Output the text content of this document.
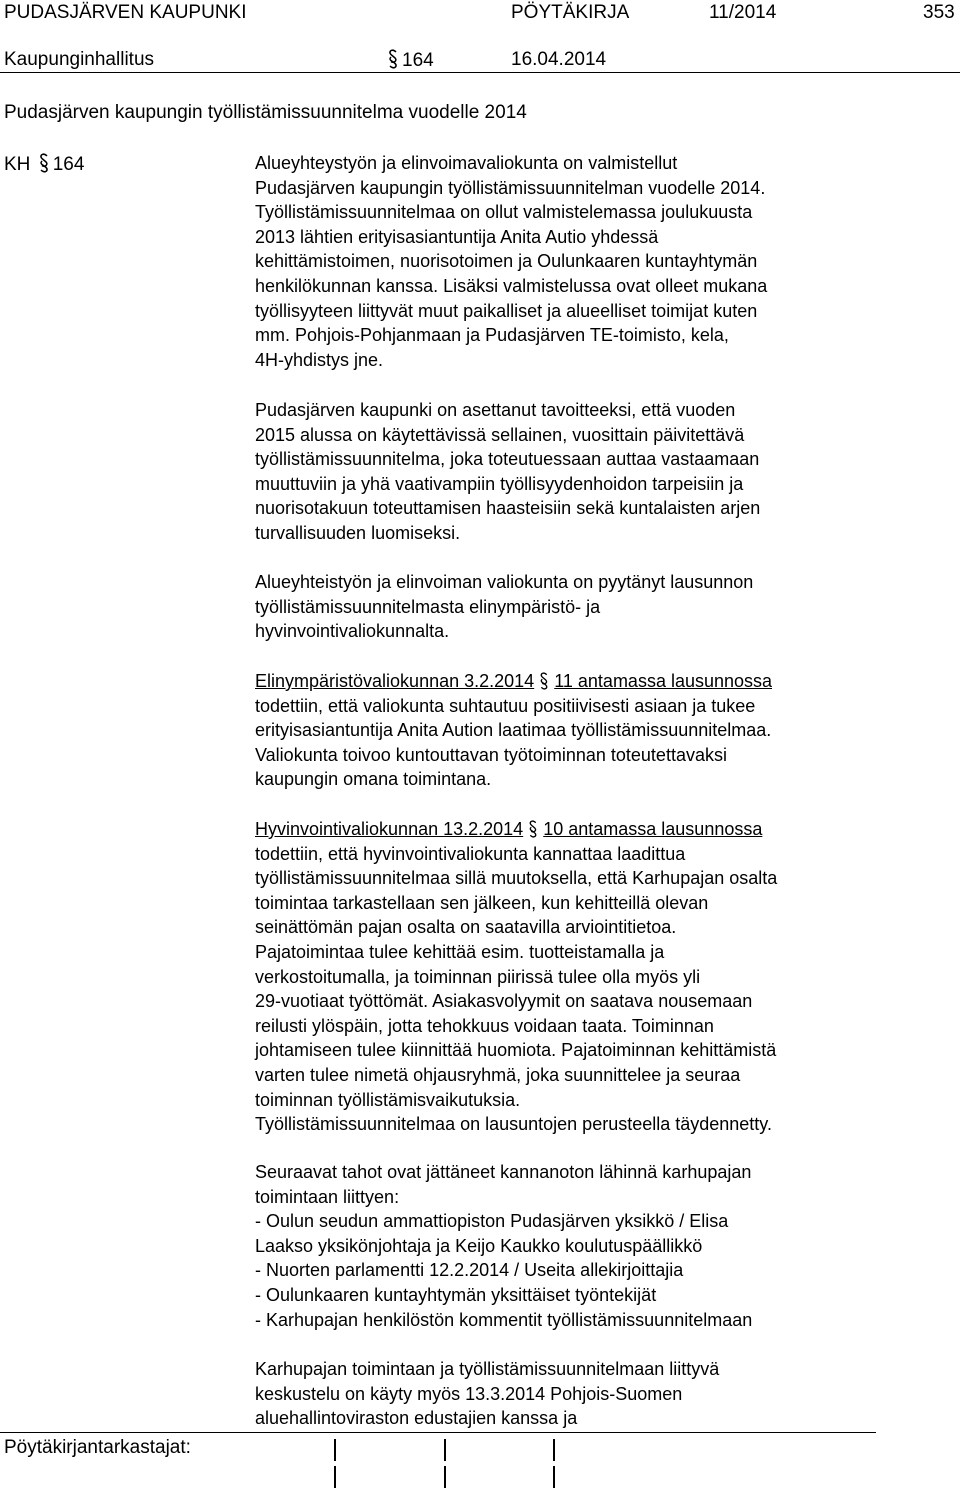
PUDASJÄRVEN KAUPUNKI	PÖYTÄKIRJA	11/2014	353
Kaupunginhallitus	164	16.04.2014
Pudasjärven kaupungin työllistämissuunnitelma vuodelle 2014
KH 164	Alueyhteystyön ja elinvoimavaliokunta on valmistellut
Pudasjärven kaupungin työllistämissuunnitelman vuodelle 2014.
Työllistämissuunnitelmaa on ollut valmistelemassa joulukuusta
2013 lähtien erityisasiantuntija Anita Autio yhdessä
kehittämistoimen, nuorisotoimen ja Oulunkaaren kuntayhtymän
henkilökunnan kanssa. Lisäksi valmistelussa ovat olleet mukana
työllisyyteen liittyvät muut paikalliset ja alueelliset toimijat kuten
mm. Pohjois-Pohjanmaan ja Pudasjärven TE-toimisto, kela,
4H-yhdistys jne.

Pudasjärven kaupunki on asettanut tavoitteeksi, että vuoden
2015 alussa on käytettävissä sellainen, vuosittain päivitettävä
työllistämissuunnitelma, joka toteutuessaan auttaa vastaamaan
muuttuviin ja yhä vaativampiin työllisyydenhoidon tarpeisiin ja
nuorisotakuun toteuttamisen haasteisiin sekä kuntalaisten arjen
turvallisuuden luomiseksi.

Alueyhteistyön ja elinvoiman valiokunta on pyytänyt lausunnon
työllistämissuunnitelmasta elinympäristö- ja
hyvinvointivaliokunnalta.

Elinympäristövaliokunnan 3.2.2014 11 antamassa lausunnossa
todettiin, että valiokunta suhtautuu positiivisesti asiaan ja tukee
erityisasiantuntija Anita Aution laatimaa työllistämissuunnitelmaa.
Valiokunta toivoo kuntouttavan työtoiminnan toteutettavaksi
kaupungin omana toimintana.

Hyvinvointivaliokunnan 13.2.2014 10 antamassa lausunnossa
todettiin, että hyvinvointivaliokunta kannattaa laadittua
työllistämissuunnitelmaa sillä muutoksella, että Karhupajan osalta
toimintaa tarkastellaan sen jälkeen, kun kehitteillä olevan
seinättömän pajan osalta on saatavilla arviointitietoa.
Pajatoimintaa tulee kehittää esim. tuotteistamalla ja
verkostoitumalla, ja toiminnan piirissä tulee olla myös yli
29-vuotiaat työttömät. Asiakasvolyymit on saatava nousemaan
reilusti ylöspäin, jotta tehokkuus voidaan taata. Toiminnan
johtamiseen tulee kiinnittää huomiota. Pajatoiminnan kehittämistä
varten tulee nimetä ohjausryhmä, joka suunnittelee ja seuraa
toiminnan työllistämisvaikutuksia.
Työllistämissuunnitelmaa on lausuntojen perusteella täydennetty.

Seuraavat tahot ovat jättäneet kannanoton lähinnä karhupajan
toimintaan liittyen:
- Oulun seudun ammattiopiston Pudasjärven yksikkö / Elisa
Laakso yksikönjohtaja ja Keijo Kaukko koulutuspäällikkö
- Nuorten parlamentti 12.2.2014 / Useita allekirjoittajia
- Oulunkaaren kuntayhtymän yksittäiset työntekijät
- Karhupajan henkilöstön kommentit työllistämissuunnitelmaan

Karhupajan toimintaan ja työllistämissuunnitelmaan liittyvä
keskustelu on käyty myös 13.3.2014 Pohjois-Suomen
aluehallintoviraston edustajien kanssa ja

Pöytäkirjantarkastajat:
